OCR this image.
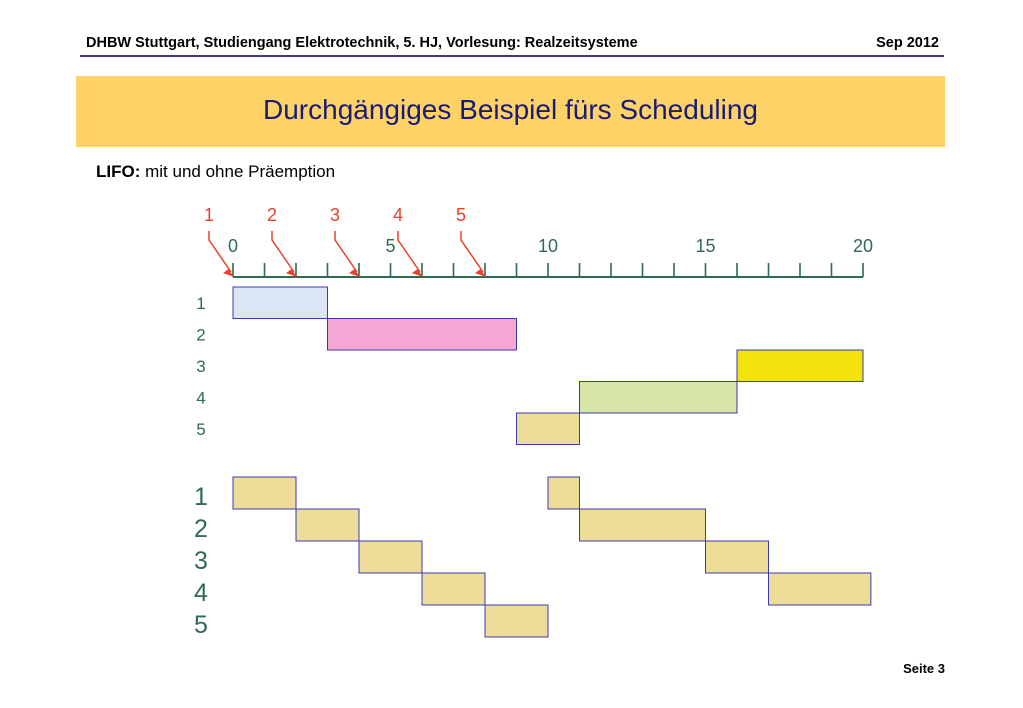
DHBW Stuttgart, Studiengang Elektrotechnik, 5. HJ, Vorlesung: Realzeitsysteme	Sep 2012
Durchgängiges Beispiel fürs Scheduling
LIFO: mit und ohne Präemption
0	5	10	15	20
1	2	3	4	5
1
2
3
4
5
1
2
3
4
5
Seite 3
